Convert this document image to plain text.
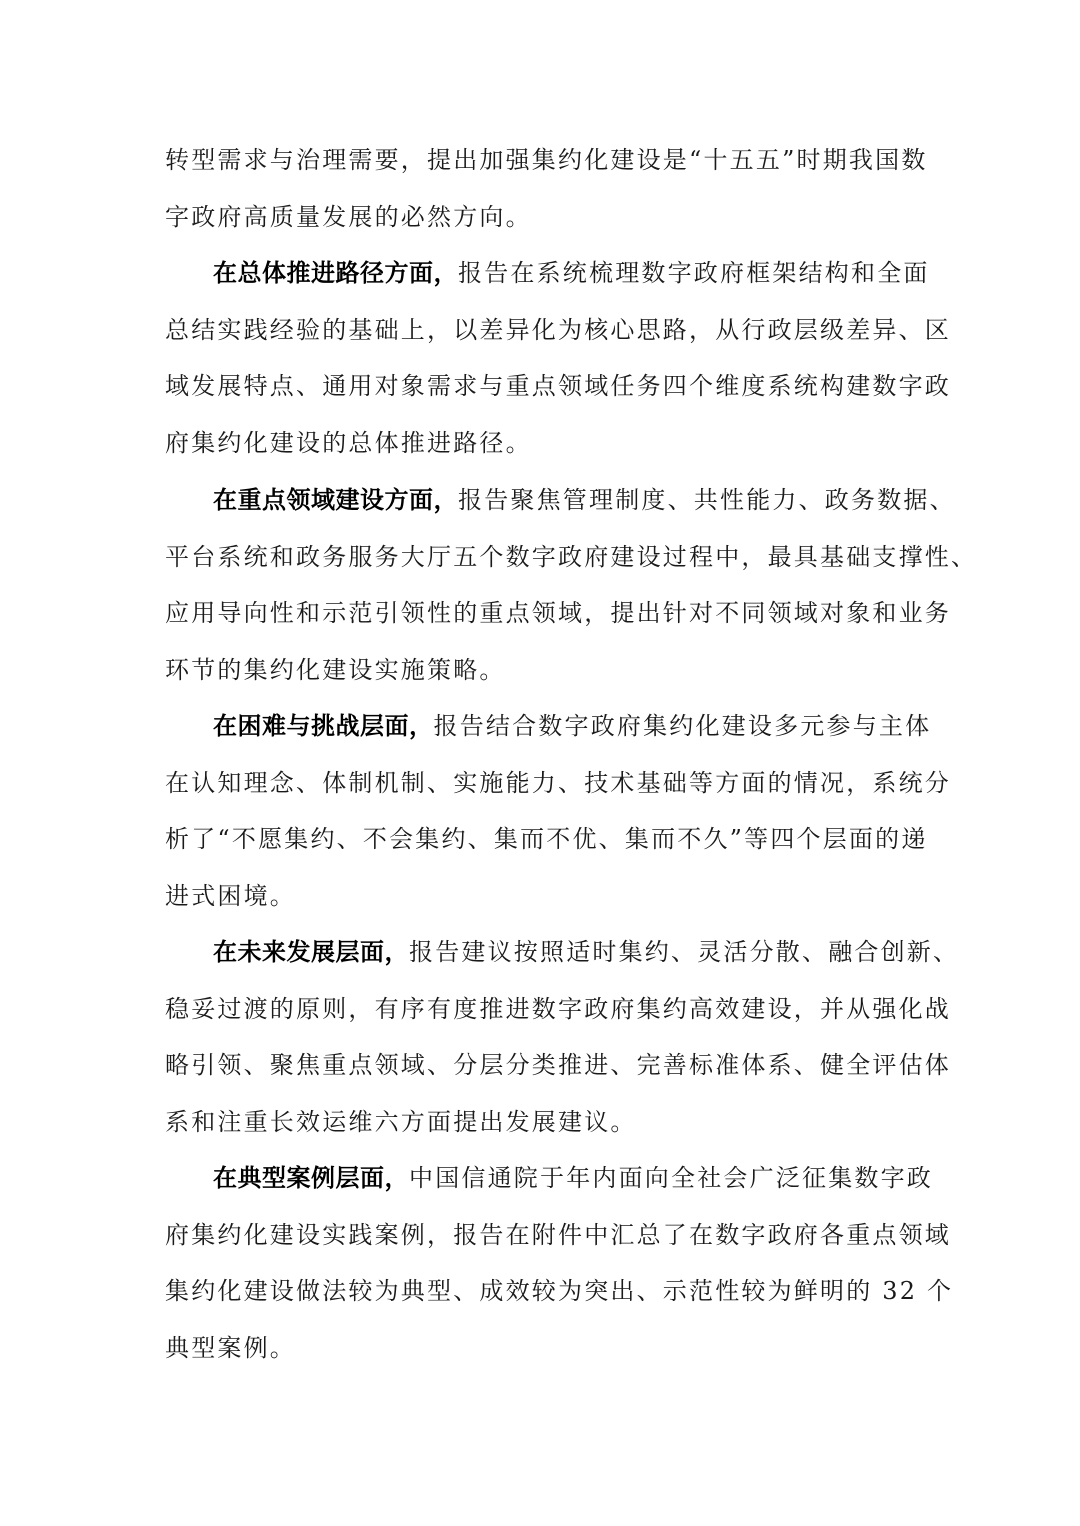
转型需求与治理需要，提出加强集约化建设是“十五五”时期我国数
字政府高质量发展的必然方向。
在总体推进路径方面，报告在系统梳理数字政府框架结构和全面
总结实践经验的基础上，以差异化为核心思路，从行政层级差异、区
域发展特点、通用对象需求与重点领域任务四个维度系统构建数字政
府集约化建设的总体推进路径。
在重点领域建设方面，报告聚焦管理制度、共性能力、政务数据、
平台系统和政务服务大厅五个数字政府建设过程中，最具基础支撑性、
应用导向性和示范引领性的重点领域，提出针对不同领域对象和业务
环节的集约化建设实施策略。
在困难与挑战层面，报告结合数字政府集约化建设多元参与主体
在认知理念、体制机制、实施能力、技术基础等方面的情况，系统分
析了“不愿集约、不会集约、集而不优、集而不久”等四个层面的递
进式困境。
在未来发展层面，报告建议按照适时集约、灵活分散、融合创新、
稳妥过渡的原则，有序有度推进数字政府集约高效建设，并从强化战
略引领、聚焦重点领域、分层分类推进、完善标准体系、健全评估体
系和注重长效运维六方面提出发展建议。
在典型案例层面，中国信通院于年内面向全社会广泛征集数字政
府集约化建设实践案例，报告在附件中汇总了在数字政府各重点领域
集约化建设做法较为典型、成效较为突出、示范性较为鲜明的 32 个
典型案例。
